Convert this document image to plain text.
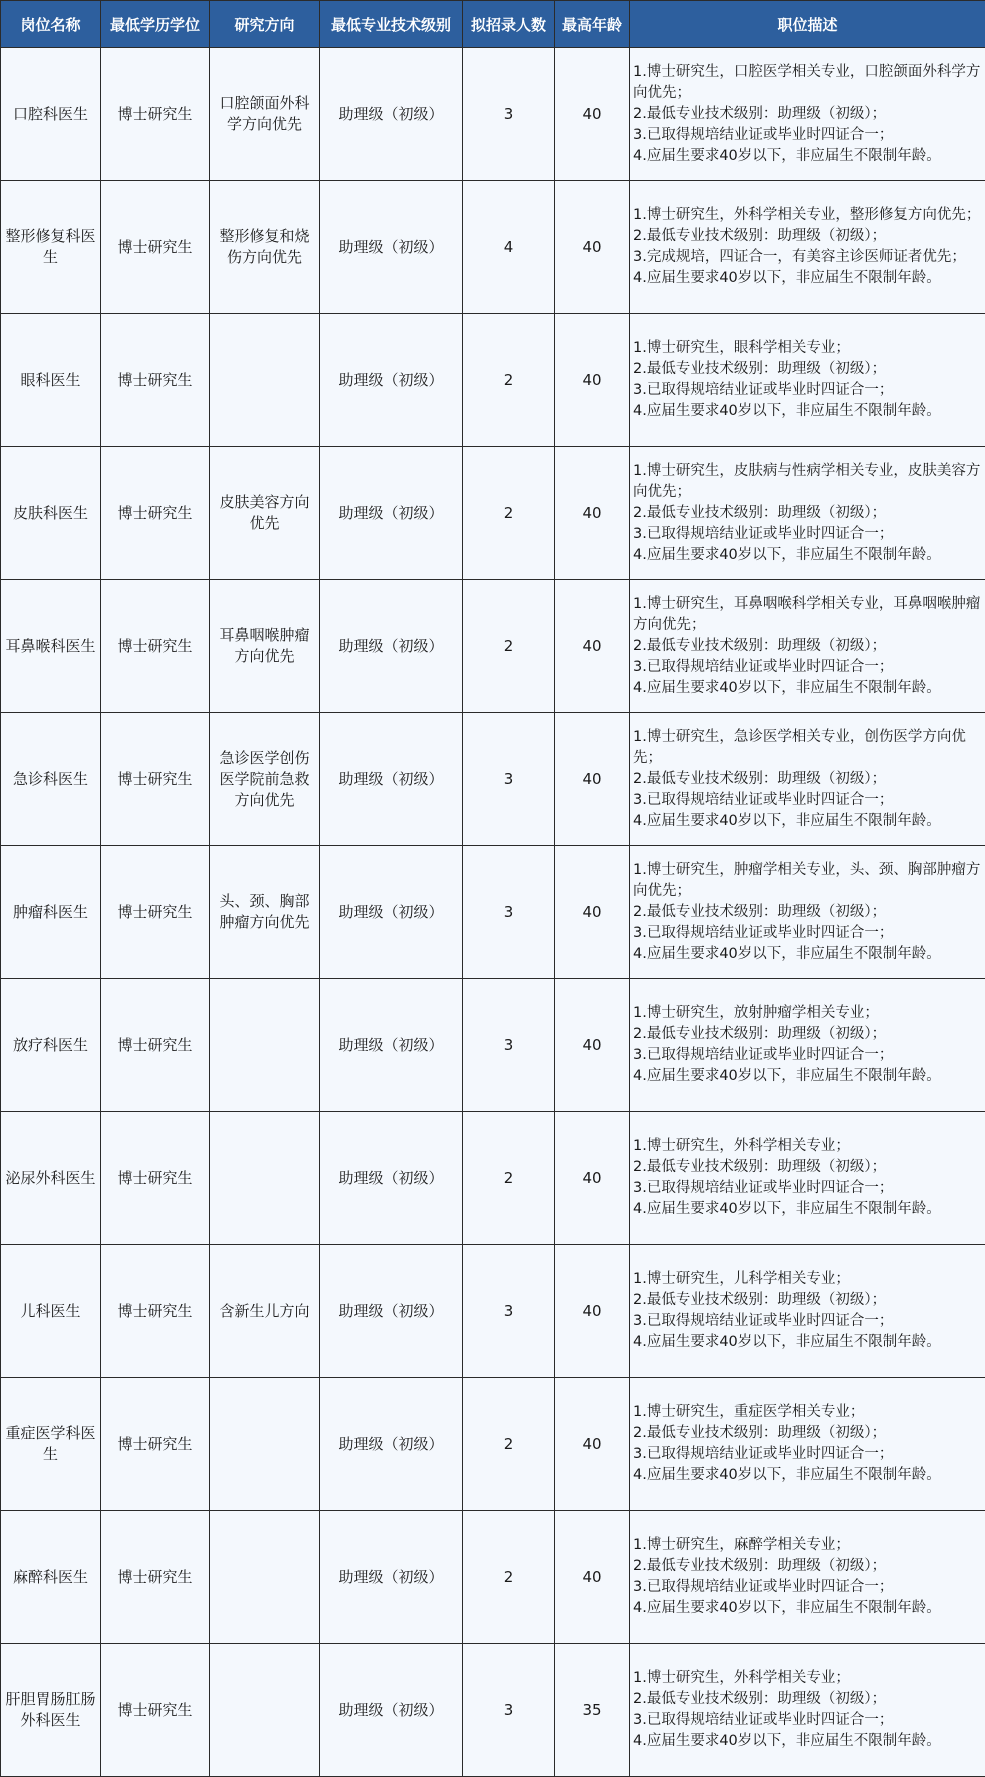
岗位名称	最低学历学位	研究方向	最低专业技术级别	拟招录人数	最高年龄	职位描述
口腔科医生	博士研究生	口腔颌面外科学方向优先	助理级（初级）	3	40	1.博士研究生，口腔医学相关专业，口腔颌面外科学方向优先；
2.最低专业技术级别：助理级（初级）；
3.已取得规培结业证或毕业时四证合一；
4.应届生要求40岁以下，非应届生不限制年龄。

整形修复科医生	博士研究生	整形修复和烧伤方向优先	助理级（初级）	4	40	1.博士研究生，外科学相关专业，整形修复方向优先；
2.最低专业技术级别：助理级（初级）；
3.完成规培，四证合一，有美容主诊医师证者优先；
4.应届生要求40岁以下，非应届生不限制年龄。

眼科医生	博士研究生		助理级（初级）	2	40	1.博士研究生，眼科学相关专业；
2.最低专业技术级别：助理级（初级）；
3.已取得规培结业证或毕业时四证合一；
4.应届生要求40岁以下，非应届生不限制年龄。

皮肤科医生	博士研究生	皮肤美容方向优先	助理级（初级）	2	40	1.博士研究生，皮肤病与性病学相关专业，皮肤美容方向优先；
2.最低专业技术级别：助理级（初级）；
3.已取得规培结业证或毕业时四证合一；
4.应届生要求40岁以下，非应届生不限制年龄。

耳鼻喉科医生	博士研究生	耳鼻咽喉肿瘤方向优先	助理级（初级）	2	40	1.博士研究生，耳鼻咽喉科学相关专业，耳鼻咽喉肿瘤方向优先；
2.最低专业技术级别：助理级（初级）；
3.已取得规培结业证或毕业时四证合一；
4.应届生要求40岁以下，非应届生不限制年龄。

急诊科医生	博士研究生	急诊医学创伤医学院前急救方向优先	助理级（初级）	3	40	1.博士研究生，急诊医学相关专业，创伤医学方向优先；
2.最低专业技术级别：助理级（初级）；
3.已取得规培结业证或毕业时四证合一；
4.应届生要求40岁以下，非应届生不限制年龄。

肿瘤科医生	博士研究生	头、颈、胸部肿瘤方向优先	助理级（初级）	3	40	1.博士研究生，肿瘤学相关专业，头、颈、胸部肿瘤方向优先；
2.最低专业技术级别：助理级（初级）；
3.已取得规培结业证或毕业时四证合一；
4.应届生要求40岁以下，非应届生不限制年龄。

放疗科医生	博士研究生		助理级（初级）	3	40	1.博士研究生，放射肿瘤学相关专业；
2.最低专业技术级别：助理级（初级）；
3.已取得规培结业证或毕业时四证合一；
4.应届生要求40岁以下，非应届生不限制年龄。

泌尿外科医生	博士研究生		助理级（初级）	2	40	1.博士研究生，外科学相关专业；
2.最低专业技术级别：助理级（初级）；
3.已取得规培结业证或毕业时四证合一；
4.应届生要求40岁以下，非应届生不限制年龄。

儿科医生	博士研究生	含新生儿方向	助理级（初级）	3	40	1.博士研究生，儿科学相关专业；
2.最低专业技术级别：助理级（初级）；
3.已取得规培结业证或毕业时四证合一；
4.应届生要求40岁以下，非应届生不限制年龄。

重症医学科医生	博士研究生		助理级（初级）	2	40	1.博士研究生，重症医学相关专业；
2.最低专业技术级别：助理级（初级）；
3.已取得规培结业证或毕业时四证合一；
4.应届生要求40岁以下，非应届生不限制年龄。

麻醉科医生	博士研究生		助理级（初级）	2	40	1.博士研究生，麻醉学相关专业；
2.最低专业技术级别：助理级（初级）；
3.已取得规培结业证或毕业时四证合一；
4.应届生要求40岁以下，非应届生不限制年龄。

肝胆胃肠肛肠外科医生	博士研究生		助理级（初级）	3	35	1.博士研究生，外科学相关专业；
2.最低专业技术级别：助理级（初级）；
3.已取得规培结业证或毕业时四证合一；
4.应届生要求40岁以下，非应届生不限制年龄。
